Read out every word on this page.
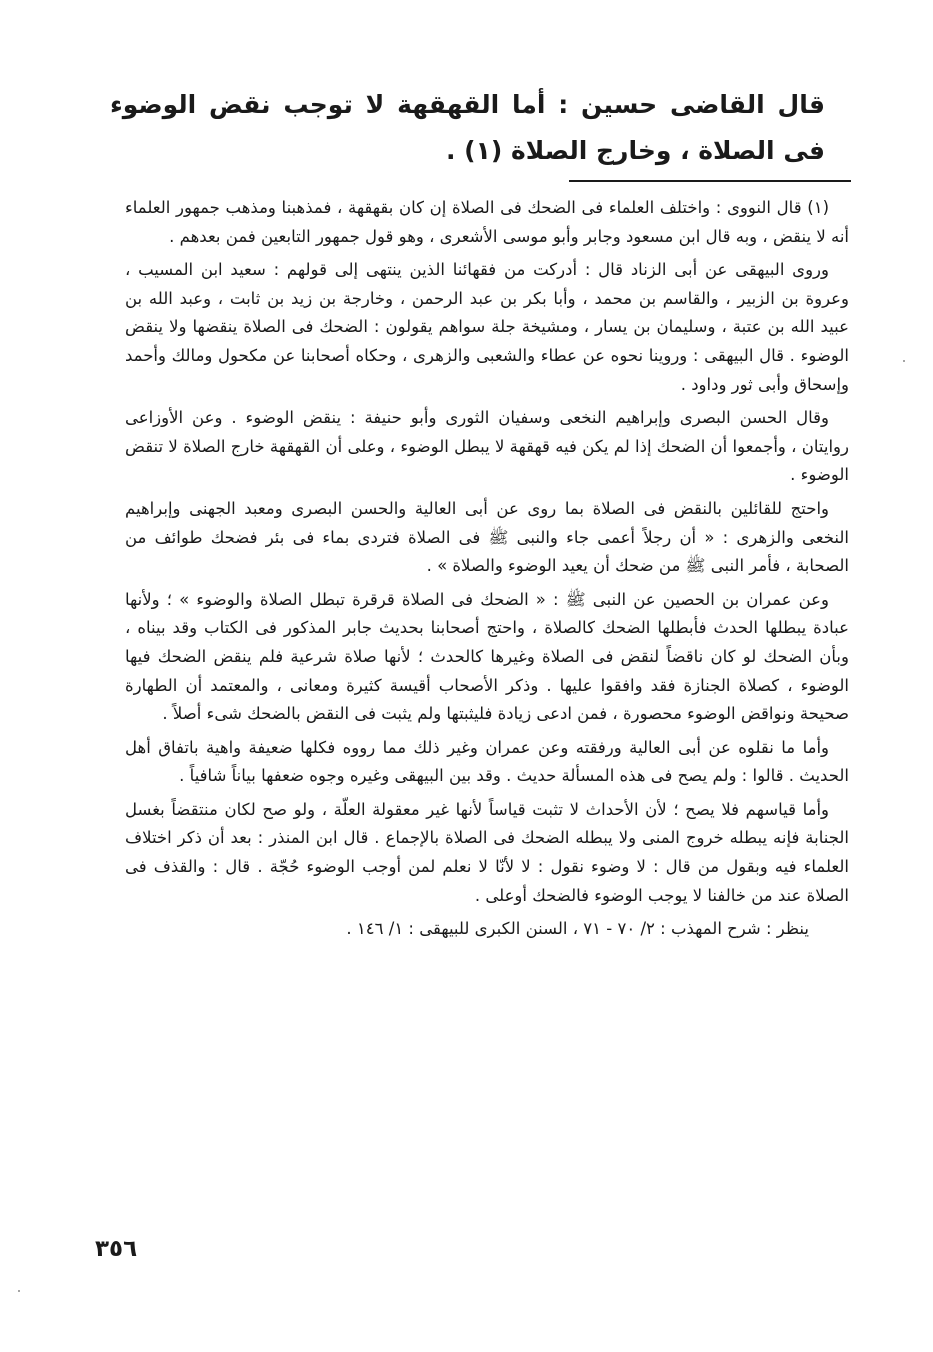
قال القاضى حسين : أما القهقهة لا توجب نقض الوضوء فى الصلاة ، وخارج الصلاة (١) .

(١) قال النووى : واختلف العلماء فى الضحك فى الصلاة إن كان بقهقهة ، فمذهبنا ومذهب جمهور العلماء أنه لا ينقض ، وبه قال ابن مسعود وجابر وأبو موسى الأشعرى ، وهو قول جمهور التابعين فمن بعدهم .

وروى البيهقى عن أبى الزناد قال : أدركت من فقهائنا الذين ينتهى إلى قولهم : سعيد ابن المسيب ، وعروة بن الزبير ، والقاسم بن محمد ، وأبا بكر بن عبد الرحمن ، وخارجة بن زيد بن ثابت ، وعبد الله بن عبيد الله بن عتبة ، وسليمان بن يسار ، ومشيخة جلة سواهم يقولون : الضحك فى الصلاة ينقضها ولا ينقض الوضوء . قال البيهقى : وروينا نحوه عن عطاء والشعبى والزهرى ، وحكاه أصحابنا عن مكحول ومالك وأحمد وإسحاق وأبى ثور وداود .

وقال الحسن البصرى وإبراهيم النخعى وسفيان الثورى وأبو حنيفة : ينقض الوضوء . وعن الأوزاعى روايتان ، وأجمعوا أن الضحك إذا لم يكن فيه قهقهة لا يبطل الوضوء ، وعلى أن القهقهة خارج الصلاة لا تنقض الوضوء .

واحتج للقائلين بالنقض فى الصلاة بما روى عن أبى العالية والحسن البصرى ومعبد الجهنى وإبراهيم النخعى والزهرى : « أن رجلاً أعمى جاء والنبى ﷺ فى الصلاة فتردى بماء فى بئر فضحك طوائف من الصحابة ، فأمر النبى ﷺ من ضحك أن يعيد الوضوء والصلاة » .

وعن عمران بن الحصين عن النبى ﷺ : « الضحك فى الصلاة قرقرة تبطل الصلاة والوضوء » ؛ ولأنها عبادة يبطلها الحدث فأبطلها الضحك كالصلاة ، واحتج أصحابنا بحديث جابر المذكور فى الكتاب وقد بيناه ، وبأن الضحك لو كان ناقضاً لنقض فى الصلاة وغيرها كالحدث ؛ لأنها صلاة شرعية فلم ينقض الضحك فيها الوضوء ، كصلاة الجنازة فقد وافقوا عليها . وذكر الأصحاب أقيسة كثيرة ومعانى ، والمعتمد أن الطهارة صحيحة ونواقض الوضوء محصورة ، فمن ادعى زيادة فليثبتها ولم يثبت فى النقض بالضحك شىء أصلاً .

وأما ما نقلوه عن أبى العالية ورفقته وعن عمران وغير ذلك مما رووه فكلها ضعيفة واهية باتفاق أهل الحديث . قالوا : ولم يصح فى هذه المسألة حديث . وقد بين البيهقى وغيره وجوه ضعفها بياناً شافياً .

وأما قياسهم فلا يصح ؛ لأن الأحداث لا تثبت قياساً لأنها غير معقولة العلّة ، ولو صح لكان منتقضاً بغسل الجنابة فإنه يبطله خروج المنى ولا يبطله الضحك فى الصلاة بالإجماع . قال ابن المنذر : بعد أن ذكر اختلاف العلماء فيه وبقول من قال : لا وضوء نقول : لا لأنّا لا نعلم لمن أوجب الوضوء حُجّة . قال : والقذف فى الصلاة عند من خالفنا لا يوجب الوضوء فالضحك أوعلى .

ينظر : شرح المهذب : ٢/ ٧٠ - ٧١ ، السنن الكبرى للبيهقى : ١/ ١٤٦ .

٣٥٦
